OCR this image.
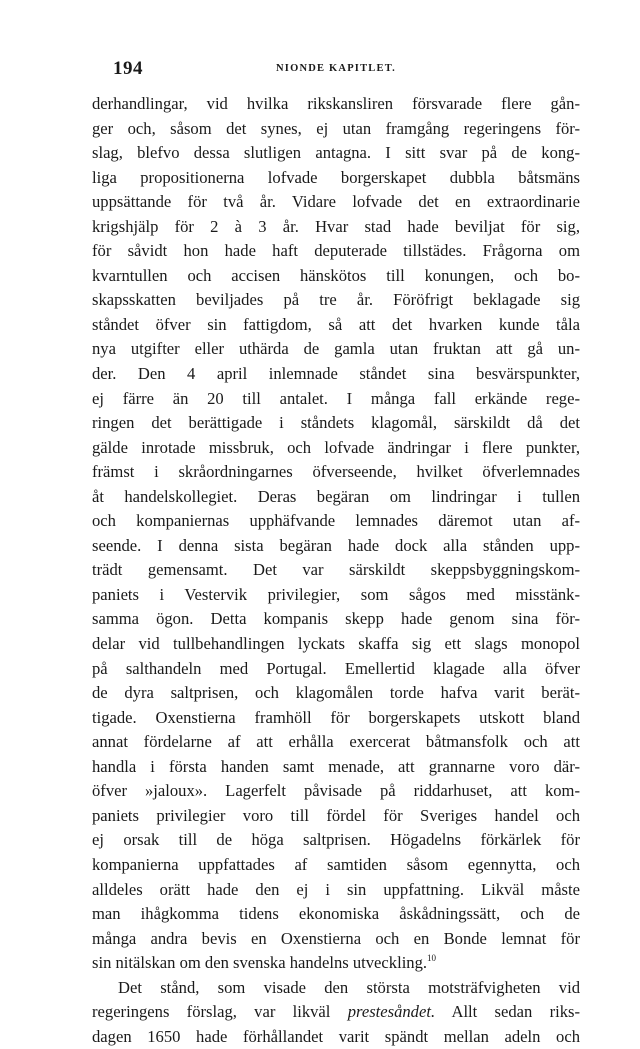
194	NIONDE KAPITLET.
derhandlingar, vid hvilka rikskansliren försvarade flere gån-
ger och, såsom det synes, ej utan framgång regeringens för-
slag, blefvo dessa slutligen antagna. I sitt svar på de kong-
liga propositionerna lofvade borgerskapet dubbla båtsmäns
uppsättande för två år. Vidare lofvade det en extraordinarie
krigshjälp för 2 à 3 år. Hvar stad hade beviljat för sig,
för såvidt hon hade haft deputerade tillstädes. Frågorna om
kvarntullen och accisen hänskötos till konungen, och bo-
skapsskatten beviljades på tre år. Föröfrigt beklagade sig
ståndet öfver sin fattigdom, så att det hvarken kunde tåla
nya utgifter eller uthärda de gamla utan fruktan att gå un-
der. Den 4 april inlemnade ståndet sina besvärspunkter,
ej färre än 20 till antalet. I många fall erkände rege-
ringen det berättigade i ståndets klagomål, särskildt då det
gälde inrotade missbruk, och lofvade ändringar i flere punkter,
främst i skråordningarnes öfverseende, hvilket öfverlemnades
åt handelskollegiet. Deras begäran om lindringar i tullen
och kompaniernas upphäfvande lemnades däremot utan af-
seende. I denna sista begäran hade dock alla stånden upp-
trädt gemensamt. Det var särskildt skeppsbyggningskom-
paniets i Vestervik privilegier, som sågos med misstänk-
samma ögon. Detta kompanis skepp hade genom sina för-
delar vid tullbehandlingen lyckats skaffa sig ett slags monopol
på salthandeln med Portugal. Emellertid klagade alla öfver
de dyra saltprisen, och klagomålen torde hafva varit berät-
tigade. Oxenstierna framhöll för borgerskapets utskott bland
annat fördelarne af att erhålla exercerat båtmansfolk och att
handla i första handen samt menade, att grannarne voro där-
öfver »jaloux». Lagerfelt påvisade på riddarhuset, att kom-
paniets privilegier voro till fördel för Sveriges handel och
ej orsak till de höga saltprisen. Högadelns förkärlek för
kompanierna uppfattades af samtiden såsom egennytta, och
alldeles orätt hade den ej i sin uppfattning. Likväl måste
man ihågkomma tidens ekonomiska åskådningssätt, och de
många andra bevis en Oxenstierna och en Bonde lemnat för
sin nitälskan om den svenska handelns utveckling.$^{10}$
Det stånd, som visade den största motsträfvigheten vid
regeringens förslag, var likväl prestesåndet. Allt sedan riks-
dagen 1650 hade förhållandet varit spändt mellan adeln och
